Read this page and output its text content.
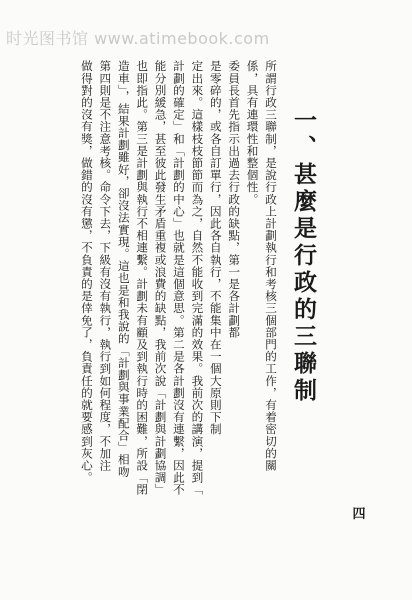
时光图书馆 www.atimebook.com
所謂行政三聯制，是說行政上計劃執行和考核三個部門的工作，有着密切的關
係，具有連環性和整個性。
委員長首先指示出過去行政的缺點，第一是各計劃都
是零碎的，或各自訂單行，因此各自執行，不能集中在一個大原則下制
定出來。這樣枝枝節節而為之，自然不能收到完滿的效果。我前次的講演，提到「
計劃的確定」和「計劃的中心」也就是這個意思。第二是各計劃沒有連繫，因此不
能分別緩急，甚至彼此發生矛盾重複或浪費的缺點，我前次說「計劃與計劃協調」
也即指此。第三是計劃與執行不相連繫。計劃未有顧及到執行時的困難，所設「閉
造車」，結果計劃雖好，卻沒法實現。這也是和我說的「計劃與事業配合」相吻
第四則是不注意考核。命令下去，下級有沒有執行，執行到如何程度，不加注
做得對的沒有獎，做錯的沒有懲，不負責的是倖免了，負責任的就要感到灰心。	一、甚麼是行政的三聯制
四
